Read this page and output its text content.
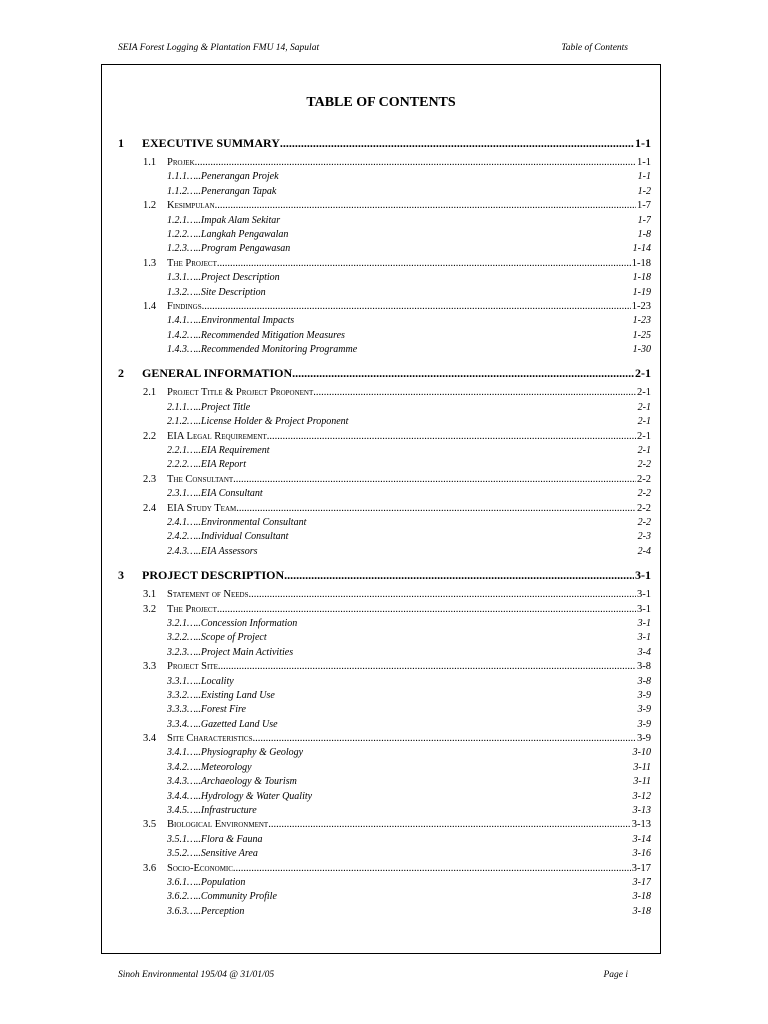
SEIA Forest Logging & Plantation FMU 14, Sapulat	Table of Contents
TABLE OF CONTENTS
1 EXECUTIVE SUMMARY .....	1-1
1.1 Projek .....	1-1
1.1.1…..Penerangan Projek	1-1
1.1.2…..Penerangan Tapak	1-2
1.2 Kesimpulan .....	1-7
1.2.1…..Impak Alam Sekitar	1-7
1.2.2…..Langkah Pengawalan	1-8
1.2.3…..Program Pengawasan	1-14
1.3 The Project .....	1-18
1.3.1…..Project Description	1-18
1.3.2…..Site Description	1-19
1.4 Findings .....	1-23
1.4.1…..Environmental Impacts	1-23
1.4.2…..Recommended Mitigation Measures	1-25
1.4.3…..Recommended Monitoring Programme	1-30
2 GENERAL INFORMATION .....	2-1
2.1 Project Title & Project Proponent .....	2-1
2.1.1…..Project Title	2-1
2.1.2…..License Holder & Project Proponent	2-1
2.2 EIA Legal Requirement .....	2-1
2.2.1…..EIA Requirement	2-1
2.2.2…..EIA Report	2-2
2.3 The Consultant .....	2-2
2.3.1…..EIA Consultant	2-2
2.4 EIA Study Team .....	2-2
2.4.1…..Environmental Consultant	2-2
2.4.2…..Individual Consultant	2-3
2.4.3…..EIA Assessors	2-4
3 PROJECT DESCRIPTION .....	3-1
3.1 Statement of Needs .....	3-1
3.2 The Project .....	3-1
3.2.1…..Concession Information	3-1
3.2.2…..Scope of Project	3-1
3.2.3…..Project Main Activities	3-4
3.3 Project Site .....	3-8
3.3.1…..Locality	3-8
3.3.2…..Existing Land Use	3-9
3.3.3…..Forest Fire	3-9
3.3.4…..Gazetted Land Use	3-9
3.4 Site Characteristics .....	3-9
3.4.1…..Physiography & Geology	3-10
3.4.2…..Meteorology	3-11
3.4.3…..Archaeology & Tourism	3-11
3.4.4…..Hydrology & Water Quality	3-12
3.4.5…..Infrastructure	3-13
3.5 Biological Environment .....	3-13
3.5.1…..Flora & Fauna	3-14
3.5.2…..Sensitive Area	3-16
3.6 Socio-Economic .....	3-17
3.6.1…..Population	3-17
3.6.2…..Community Profile	3-18
3.6.3…..Perception	3-18
Sinoh Environmental 195/04 @ 31/01/05	Page i
